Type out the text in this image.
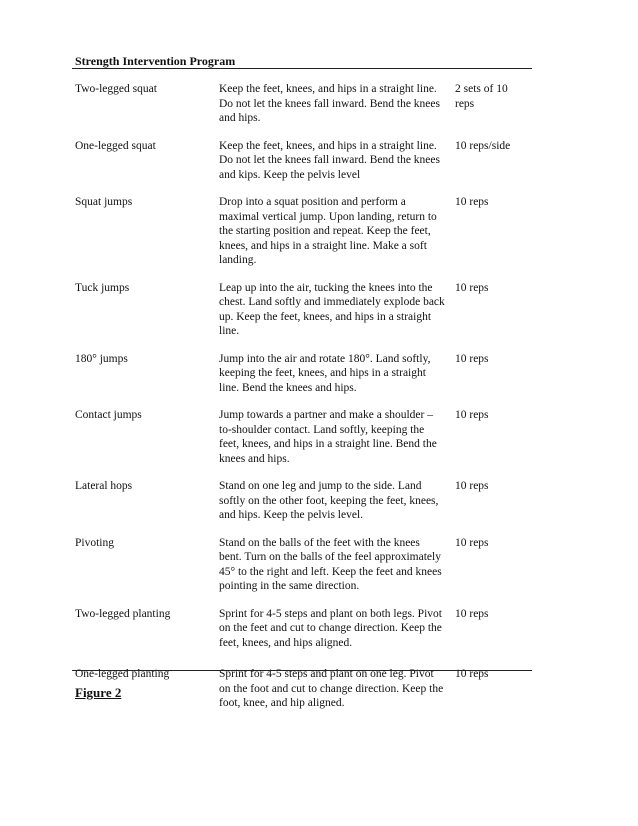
Strength Intervention Program
Two-legged squat	Keep the feet, knees, and hips in a straight line.
Do not let the knees fall inward. Bend the knees
and hips.
2 sets of 10
reps
One-legged squat	Keep the feet, knees, and hips in a straight line.
Do not let the knees fall inward. Bend the knees
and kips. Keep the pelvis level
10 reps/side
Squat jumps	Drop into a squat position and perform a
maximal vertical jump. Upon landing, return to
the starting position and repeat. Keep the feet,
knees, and hips in a straight line. Make a soft
landing.
10 reps
Tuck jumps	Leap up into the air, tucking the knees into the
chest. Land softly and immediately explode back
up. Keep the feet, knees, and hips in a straight
line.
10 reps
180° jumps	Jump into the air and rotate 180°. Land softly,
keeping the feet, knees, and hips in a straight
line. Bend the knees and hips.
10 reps
Contact jumps	Jump towards a partner and make a shoulder –
to-shoulder contact. Land softly, keeping the
feet, knees, and hips in a straight line. Bend the
knees and hips.
10 reps
Lateral hops	Stand on one leg and jump to the side. Land
softly on the other foot, keeping the feet, knees,
and hips. Keep the pelvis level.
10 reps
Pivoting	Stand on the balls of the feet with the knees
bent. Turn on the balls of the feel approximately
45° to the right and left. Keep the feet and knees
pointing in the same direction.
10 reps
Two-legged planting	Sprint for 4-5 steps and plant on both legs. Pivot
on the feet and cut to change direction. Keep the
feet, knees, and hips aligned.
10 reps
One-legged planting	Sprint for 4-5 steps and plant on one leg. Pivot
on the foot and cut to change direction. Keep the
foot, knee, and hip aligned.
10 reps
Figure 2
